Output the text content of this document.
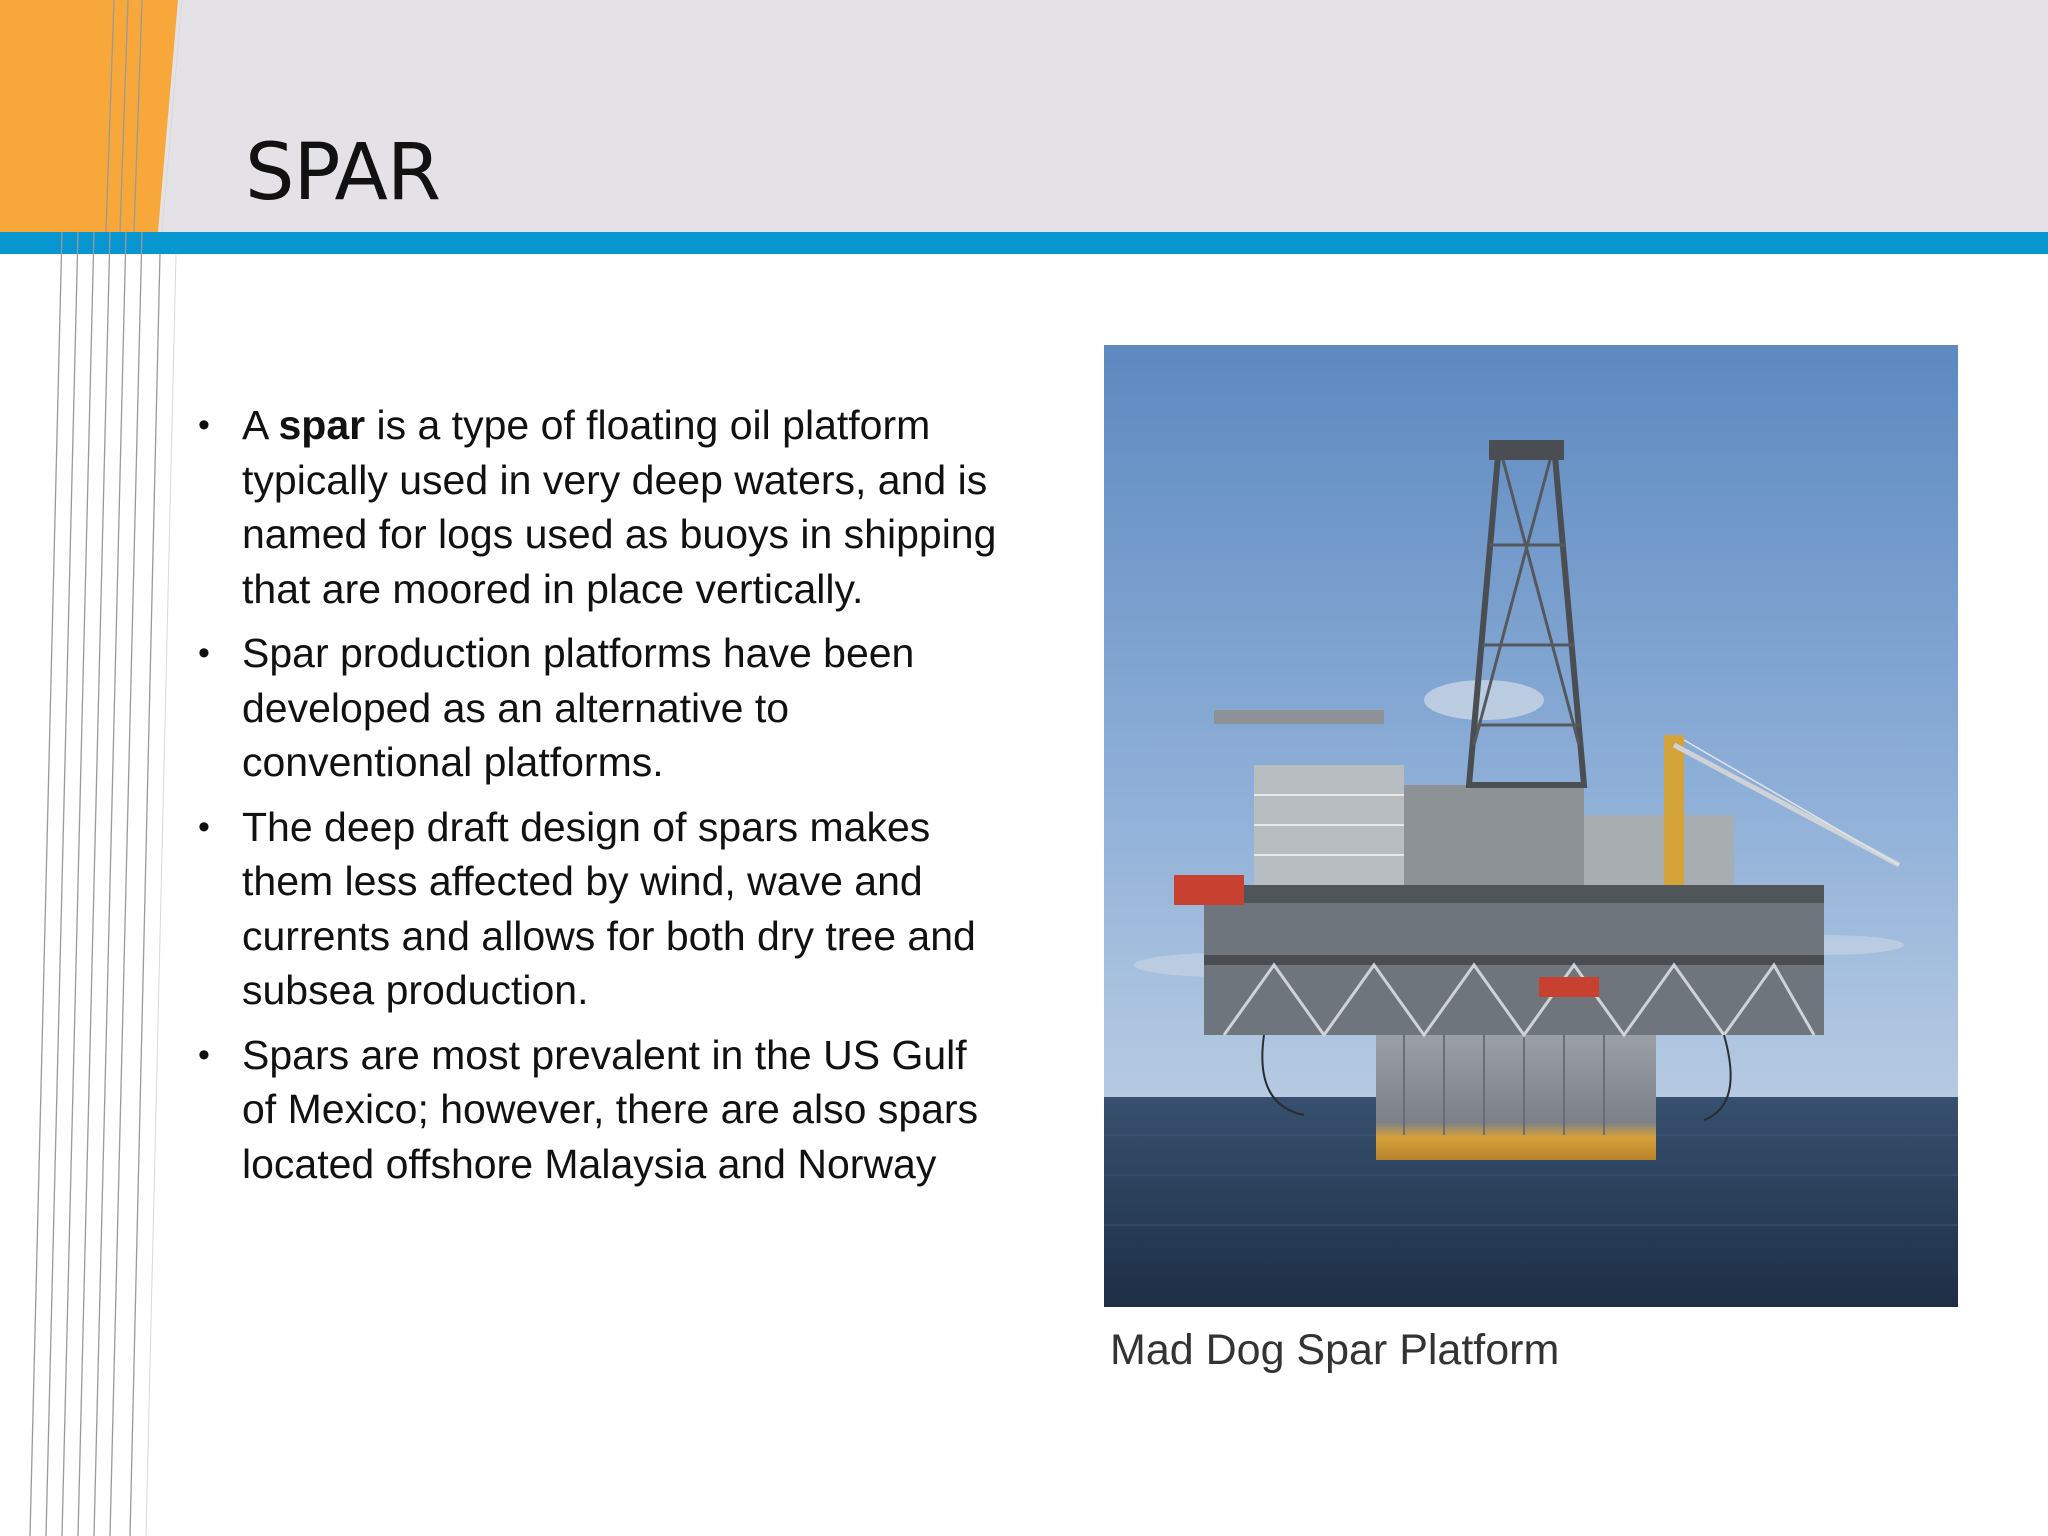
SPAR
• A spar is a type of floating oil platform typically used in very deep waters, and is named for logs used as buoys in shipping that are moored in place vertically.
• Spar production platforms have been developed as an alternative to conventional platforms.
• The deep draft design of spars makes them less affected by wind, wave and currents and allows for both dry tree and subsea production.
• Spars are most prevalent in the US Gulf of Mexico; however, there are also spars located offshore Malaysia and Norway
Mad Dog Spar Platform
